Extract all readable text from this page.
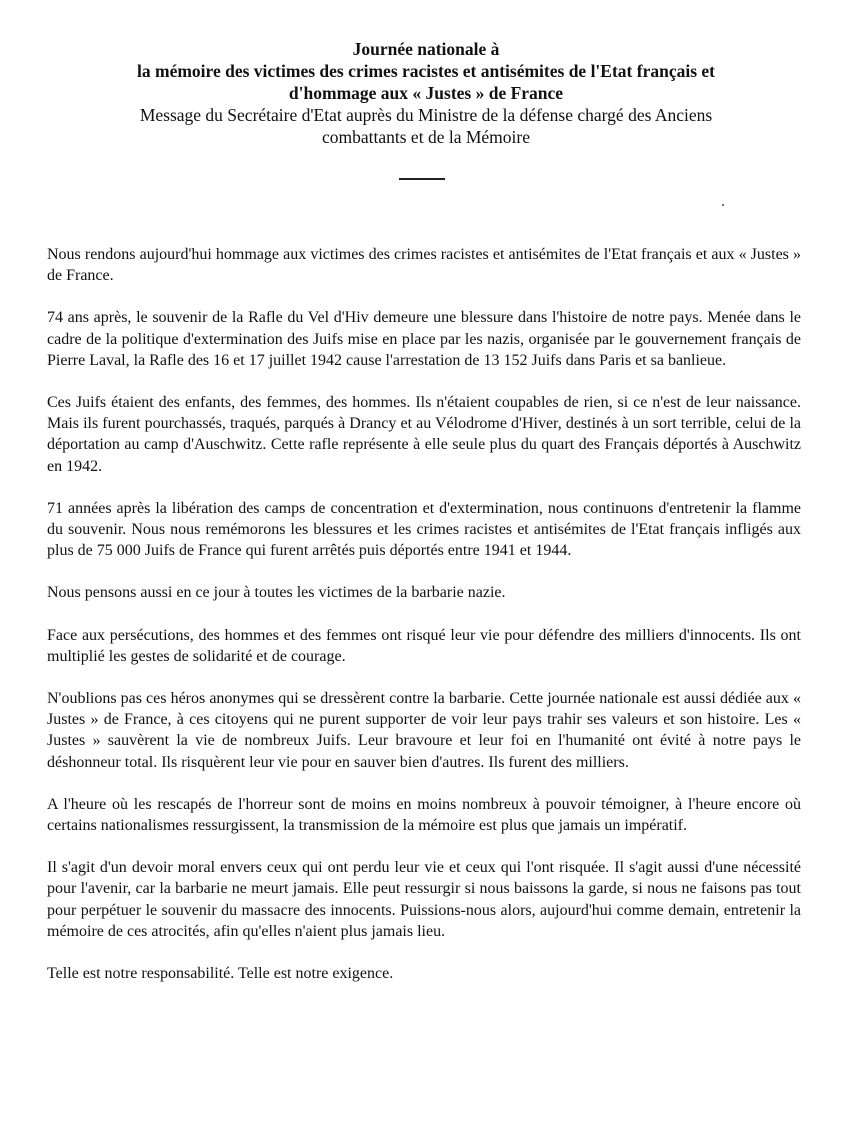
Journée nationale à

la mémoire des victimes des crimes racistes et antisémites de l'Etat français et

d'hommage aux « Justes » de France

Message du Secrétaire d'Etat auprès du Ministre de la défense chargé des Anciens

combattants et de la Mémoire

Nous rendons aujourd'hui hommage aux victimes des crimes racistes et antisémites de l'Etat français et aux « Justes » de France.

74 ans après, le souvenir de la Rafle du Vel d'Hiv demeure une blessure dans l'histoire de notre pays. Menée dans le cadre de la politique d'extermination des Juifs mise en place par les nazis, organisée par le gouvernement français de Pierre Laval, la Rafle des 16 et 17 juillet 1942 cause l'arrestation de 13 152 Juifs dans Paris et sa banlieue.

Ces Juifs étaient des enfants, des femmes, des hommes. Ils n'étaient coupables de rien, si ce n'est de leur naissance. Mais ils furent pourchassés, traqués, parqués à Drancy et au Vélodrome d'Hiver, destinés à un sort terrible, celui de la déportation au camp d'Auschwitz. Cette rafle représente à elle seule plus du quart des Français déportés à Auschwitz en 1942.

71 années après la libération des camps de concentration et d'extermination, nous continuons d'entretenir la flamme du souvenir. Nous nous remémorons les blessures et les crimes racistes et antisémites de l'Etat français infligés aux plus de 75 000 Juifs de France qui furent arrêtés puis déportés entre 1941 et 1944.

Nous pensons aussi en ce jour à toutes les victimes de la barbarie nazie.

Face aux persécutions, des hommes et des femmes ont risqué leur vie pour défendre des milliers d'innocents. Ils ont multiplié les gestes de solidarité et de courage.

N'oublions pas ces héros anonymes qui se dressèrent contre la barbarie. Cette journée nationale est aussi dédiée aux « Justes » de France, à ces citoyens qui ne purent supporter de voir leur pays trahir ses valeurs et son histoire. Les « Justes » sauvèrent la vie de nombreux Juifs. Leur bravoure et leur foi en l'humanité ont évité à notre pays le déshonneur total. Ils risquèrent leur vie pour en sauver bien d'autres. Ils furent des milliers.

A l'heure où les rescapés de l'horreur sont de moins en moins nombreux à pouvoir témoigner, à l'heure encore où certains nationalismes ressurgissent, la transmission de la mémoire est plus que jamais un impératif.

Il s'agit d'un devoir moral envers ceux qui ont perdu leur vie et ceux qui l'ont risquée. Il s'agit aussi d'une nécessité pour l'avenir, car la barbarie ne meurt jamais. Elle peut ressurgir si nous baissons la garde, si nous ne faisons pas tout pour perpétuer le souvenir du massacre des innocents. Puissions-nous alors, aujourd'hui comme demain, entretenir la mémoire de ces atrocités, afin qu'elles n'aient plus jamais lieu.

Telle est notre responsabilité. Telle est notre exigence.
